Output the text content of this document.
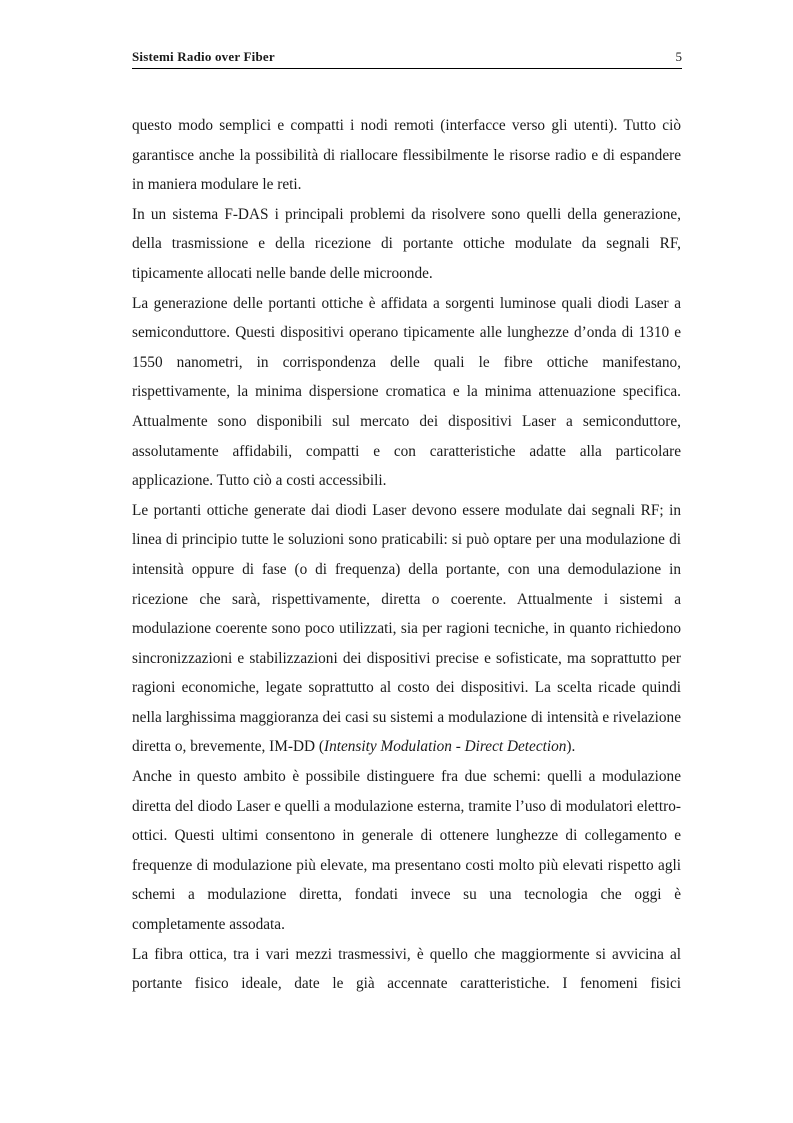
Sistemi Radio over Fiber	5

questo modo semplici e compatti i nodi remoti (interfacce verso gli utenti). Tutto ciò garantisce anche la possibilità di riallocare flessibilmente le risorse radio e di espandere in maniera modulare le reti.

In un sistema F-DAS i principali problemi da risolvere sono quelli della generazione, della trasmissione e della ricezione di portante ottiche modulate da segnali RF, tipicamente allocati nelle bande delle microonde.

La generazione delle portanti ottiche è affidata a sorgenti luminose quali diodi Laser a semiconduttore. Questi dispositivi operano tipicamente alle lunghezze d’onda di 1310 e 1550 nanometri, in corrispondenza delle quali le fibre ottiche manifestano, rispettivamente, la minima dispersione cromatica e la minima attenuazione specifica. Attualmente sono disponibili sul mercato dei dispositivi Laser a semiconduttore, assolutamente affidabili, compatti e con caratteristiche adatte alla particolare applicazione. Tutto ciò a costi accessibili.

Le portanti ottiche generate dai diodi Laser devono essere modulate dai segnali RF; in linea di principio tutte le soluzioni sono praticabili: si può optare per una modulazione di intensità oppure di fase (o di frequenza) della portante, con una demodulazione in ricezione che sarà, rispettivamente, diretta o coerente. Attualmente i sistemi a modulazione coerente sono poco utilizzati, sia per ragioni tecniche, in quanto richiedono sincronizzazioni e stabilizzazioni dei dispositivi precise e sofisticate, ma soprattutto per ragioni economiche, legate soprattutto al costo dei dispositivi. La scelta ricade quindi nella larghissima maggioranza dei casi su sistemi a modulazione di intensità e rivelazione diretta o, brevemente, IM-DD (Intensity Modulation - Direct Detection).

Anche in questo ambito è possibile distinguere fra due schemi: quelli a modulazione diretta del diodo Laser e quelli a modulazione esterna, tramite l’uso di modulatori elettro-ottici. Questi ultimi consentono in generale di ottenere lunghezze di collegamento e frequenze di modulazione più elevate, ma presentano costi molto più elevati rispetto agli schemi a modulazione diretta, fondati invece su una tecnologia che oggi è completamente assodata.

La fibra ottica, tra i vari mezzi trasmessivi, è quello che maggiormente si avvicina al portante fisico ideale, date le già accennate caratteristiche. I fenomeni fisici
